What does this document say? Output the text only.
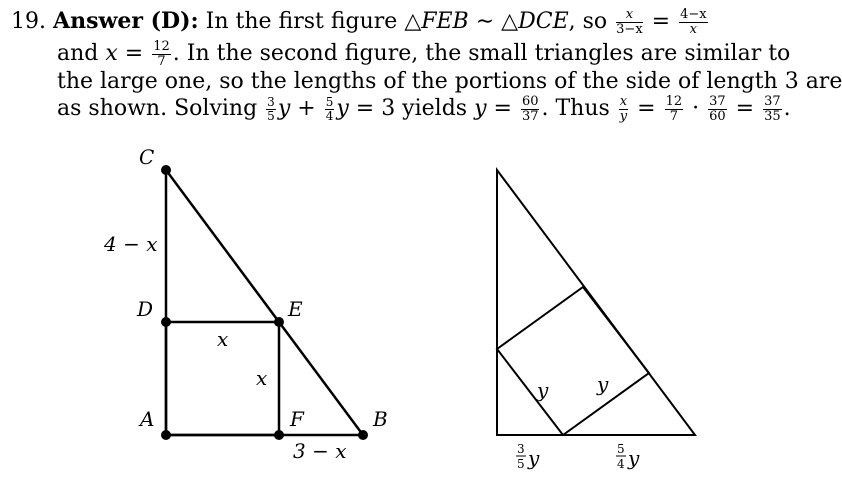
19. Answer (D): In the first figure △FEB ∼ △DCE, so $\frac{x}{3-x} = \frac{4-x}{x}$
and $x = \frac{12}{7}$ . In the second figure, the small triangles are similar to
the large one, so the lengths of the portions of the side of length 3 are
as shown. Solving $\frac{3}{5}$ $y + \frac{5}{4}$ y = 3 yields $y = \frac{60}{37}$ . Thus $\frac{x}{y} = \frac{12}{7} \cdot \frac{37}{60} = \frac{37}{35}$ .
C
4 − x
D	E
x
x
A	F	B
3 − x
y y
3
5 y	5
4 y
